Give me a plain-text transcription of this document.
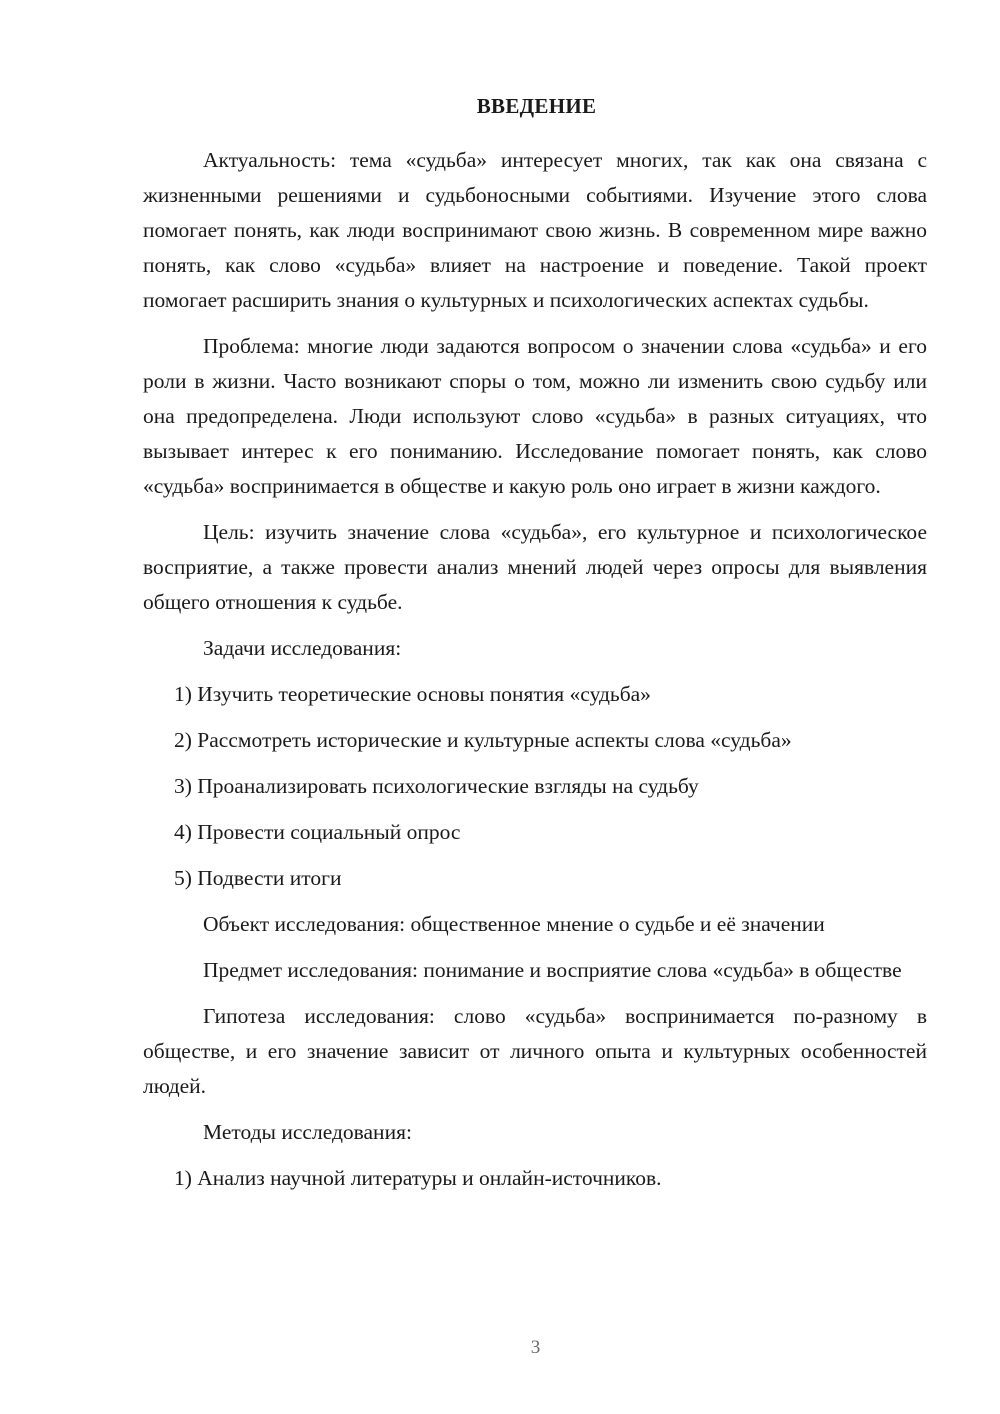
ВВЕДЕНИЕ

Актуальность: тема «судьба» интересует многих, так как она связана с жизненными решениями и судьбоносными событиями. Изучение этого слова помогает понять, как люди воспринимают свою жизнь. В современном мире важно понять, как слово «судьба» влияет на настроение и поведение. Такой проект помогает расширить знания о культурных и психологических аспектах судьбы.

Проблема: многие люди задаются вопросом о значении слова «судьба» и его роли в жизни. Часто возникают споры о том, можно ли изменить свою судьбу или она предопределена. Люди используют слово «судьба» в разных ситуациях, что вызывает интерес к его пониманию. Исследование помогает понять, как слово «судьба» воспринимается в обществе и какую роль оно играет в жизни каждого.

Цель: изучить значение слова «судьба», его культурное и психологическое восприятие, а также провести анализ мнений людей через опросы для выявления общего отношения к судьбе.

Задачи исследования:

1) Изучить теоретические основы понятия «судьба»

2) Рассмотреть исторические и культурные аспекты слова «судьба»

3) Проанализировать психологические взгляды на судьбу

4) Провести социальный опрос

5) Подвести итоги

Объект исследования: общественное мнение о судьбе и её значении

Предмет исследования: понимание и восприятие слова «судьба» в обществе

Гипотеза исследования: слово «судьба» воспринимается по-разному в обществе, и его значение зависит от личного опыта и культурных особенностей людей.

Методы исследования:

1) Анализ научной литературы и онлайн-источников.

3
